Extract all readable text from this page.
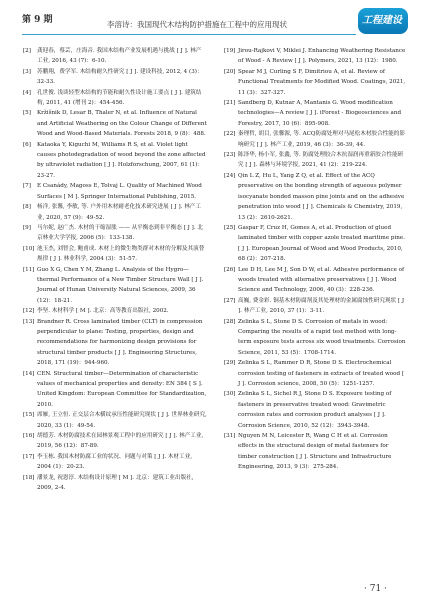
第 9 期	李溶诗：我国现代木结构防护措施在工程中的应用现状	工程建设
[2]	龚迎春，蔡芸，庄海音. 我国木结构产业发展机遇与挑战 [ J ]. 林产工业, 2016, 43 (7)：6-10.
[3]	苏鹏翔，费学军. 木结构耐久性研究 [ J ]. 建设科技, 2012, 4 (3)：32-33.
[4]	孔世俊. 浅谈轻型木结构的节能和耐久性设计施工要点 [ J ]. 建筑结构, 2011, 41 (增刊 2)：454-456.
[5]	Kržišnik D, Lesar B, Thaler N, et al. Influence of Natural and Artificial Weathering on the Colour Change of Different Wood and Wood-Based Materials. Forests 2018, 9 (8)：488.
[6]	Kataoka Y, Kiguchi M, Williams R S, et al. Violet light causes photodegradation of wood beyond the zone affected by ultraviolet radiation [ J ]. Holzforschung, 2007, 61 (1)：23-27.
[7]	E Csanády, Magoss E, Tolvaj L. Quality of Machined Wood Surfaces [ M ]. Springer International Publishing, 2015.
[8]	杨洋, 张馨, 李敏, 等. 户外用木材耐老化技术研究进展 [ J ]. 林产工业, 2020, 57 (9)：49-52.
[9]	马尔妮, 赵广杰. 木材的干缩湿胀 —— 从平衡态到非平衡态 [ J ]. 北京林业大学学报, 2006 (5)：133-138.
[10] 池玉杰, 刘智会, 鲍甫成. 木材上的微生物类群对木材的分解及其演替规律 [ J ]. 林业科学, 2004 (3)：51-57.
[11] Guo X G, Chen Y M, Zhang L. Analysis of the Hygro—thermal Performance of a New Timber Structure Wall [ J ]. Journal of Hunan University Natural Sciences, 2009, 36 (12)：18-21.
[12] 李坚. 木材科学 [ M ]. 北京：高等教育出版社, 2002.
[13] Brandner R. Cross laminated timber (CLT) in compression perpendicular to plane: Testing, properties, design and recommendations for harmonizing design provisions for structural timber products [ J ]. Engineering Structures, 2018, 171 (19)：944-960.
[14] CEN. Structural timber—Determination of characteristic values of mechanical properties and density: EN 384 [ S ]. United Kingdom: European Committee for Standardization, 2010.
[15] 席雁, 王立恒. 正交层合木横纹承压性能研究现状 [ J ]. 世界林业研究, 2020, 33 (1)：49-54.
[16] 胡德芳. 木材防腐技术在园林景观工程中的应用研究 [ J ]. 林产工业, 2019, 56 (12)：87-89.
[17] 李玉栋. 我国木材防腐工业的状况、问题与对策 [ J ]. 木材工业, 2004 (1)：20-23.
[18] 潘景龙, 祝恩淳. 木结构设计原理 [ M ]. 北京：建筑工业出版社, 2009, 2-4.
[19] Jirou-Rajkovi V, Miklei J. Enhancing Weathering Resistance of Wood - A Review [ J ]. Polymers, 2021, 13 (12)：1980.
[20] Spear M J, Curling S F, Dimitriou A, et al. Review of Functional Treatments for Modified Wood. Coatings, 2021, 11 (3)：327-327.
[21] Sandberg D, Kutnar A, Mantanis G. Wood modification technologies—A review [ J ]. iForest - Biogeosciences and Forestry, 2017, 10 (6)：895-908.
[22] 秦理哲, 胡目, 张馨源, 等. ACQ防腐处理对马尾松木材胶合性能的影响研究 [ J ]. 林产工业, 2019, 46 (3)：36-39, 44.
[23] 陈泽华, 杨小军, 张鑫, 等. 防腐处理胶合木抗湿润再重新胶合性能研究 [ J ]. 森林与环境学报, 2021, 41 (2)：219-224.
[24] Qin L Z, Hu L, Yang Z Q, et al. Effect of the ACQ preservative on the bonding strength of aqueous polymer isocyanate bonded masson pine joints and on the adhesive penetration into wood [ J ]. Chemicals & Chemistry, 2019, 13 (2)：2610-2621.
[25] Gaspar F, Cruz H, Gomes A, et al. Production of glued laminated timber with copper azole treated maritime pine. [ J ]. European Journal of Wood and Wood Products, 2010, 68 (2)：207-218.
[26] Lee D H, Lee M J, Son D W, et al. Adhesive performance of woods treated with alternative preservatives [ J ]. Wood Science and Technology, 2006, 40 (3)：228-236.
[27] 高巍, 费金彩. 铜基木材防腐剂及其处理材的金属腐蚀性研究现状 [ J ]. 林产工业, 2010, 37 (1)：3-11.
[28] Zelinka S L, Stone D S. Corrosion of metals in wood: Comparing the results of a rapid test method with long-term exposure tests across six wood treatments. Corrosion Science, 2011, 53 (5)：1708-1714.
[29] Zelinka S L, Rammer D R, Stone D S. Electrochemical corrosion testing of fasteners in extracts of treated wood [ J ]. Corrosion science, 2008, 50 (5)：1251-1257.
[30] Zelinka S L, Sichel R J, Stone D S. Exposure testing of fasteners in preservative treated wood: Gravimetric corrosion rates and corrosion product analyses [ J ]. Corrosion Science, 2010, 52 (12)：3943-3948.
[31] Nguyen M N, Leicester R, Wang C H et al. Corrosion effects in the structural design of metal fasteners for timber construction [ J ]. Structure and Infrastructure Engineering, 2013, 9 (3)：275-284.
· 71 ·
